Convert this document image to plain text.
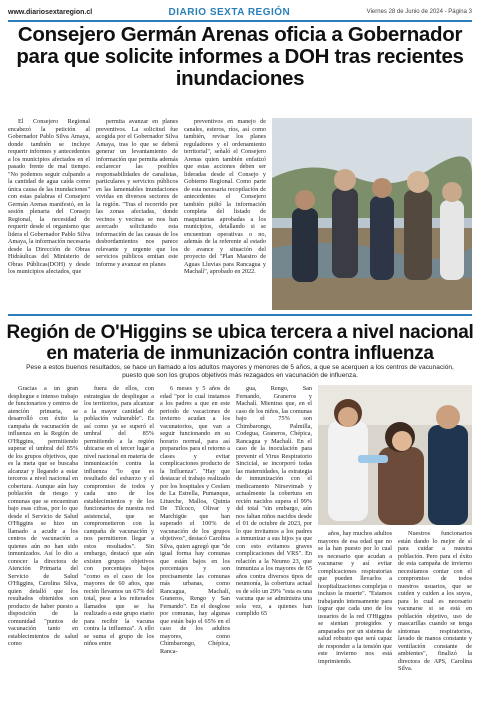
www.diariosextaregion.cl	DIARIO SEXTA REGIÓN	Viernes 28 de Junio de 2024 - Página 3
Consejero Germán Arenas oficia a Gobernador para que solicite informes a DOH tras recientes inundaciones

El Consejero Regional encabezó la petición al Gobernador Pablo Silva Amaya, donde también se incluye requerir informes y antecedentes a los municipios afectados en el pasado frente de mal tiempo. "No podemos seguir culpando a la cantidad de agua caída como única causa de las inundaciones" con estas palabras el Consejero Germán Arenas manifestó, en la sesión plenaria del Consejo Regional, la necesidad de requerir desde el organismo que lidera el Gobernador Pablo Silva Amaya, la información necesaria desde la Dirección de Obras Hidráulicas del Ministerio de Obras Públicas(DOH) y desde los municipios afectados, que

permita avanzar en planes preventivos. La solicitud fue acogida por el Gobernador Silva Amaya, tras lo que se deberá generar un levantamiento de información que permita además esclarecer las posibles responsabilidades de canalistas, particulares y servicios públicos en las lamentables inundaciones vividas en diversos sectores de la región. "Tras el recorrido por las zonas afectadas, donde vecinos y vecinas se nos han acercado solicitando esta información de las causas de los desbordamientos nos parece relevante y urgente que los servicios públicos emitan este informe y avanzar en planes

preventivos en manejo de canales, esteros, ríos, así como también, revisar los planes reguladores y el ordenamiento territorial", señaló el Consejero Arenas quien también enfatizó que estas acciones deben ser lideradas desde el Consejo y Gobierno Regional. Como parte de esta necesaria recopilación de antecedentes el Consejero también pidió la información completa del listado de maquinarias aprobadas a los municipios, detallando si se encuentran operativas o no, además de la referente al estado de avance y situación del proyecto del "Plan Maestro de Aguas Lluvias para Rancagua y Machalí", aprobado en 2022.

Región de O'Higgins se ubica tercera a nivel nacional en materia de inmunización contra influenza
Pese a estos buenos resultados, se hace un llamado a los adultos mayores y menores de 5 años, a que se acerquen a los centros de vacunación, puesto que son los grupos objetivos más rezagados en vacunación de influenza.

Gracias a un gran despliegue e intenso trabajo de funcionarios y centros de atención primaria, se desarrolló con éxito la campaña de vacunación de influenza en la Región de O'Higgins, permitiendo superar el umbral del 85% de los grupos objetivos, que es la meta que se buscaba alcanzar y llegando a estar terceros a nivel nacional en cobertura. Aunque aún hay población de riesgo y comunas que se encuentran bajo esas cifras, por lo que desde el Servicio de Salud O'Higgins se hizo un llamado a acudir a los centros de vacunación a quienes aún no han sido inmunizados. Así lo dio a conocer la directora de Atención Primaria del Servicio de Salud O'Higgins, Carolina Silva, quien detalló que los resultados obtenidos son producto de haber puesto a disposición de la comunidad "puntos de vacunación tanto en establecimientos de salud como

fuera de ellos, con estrategias de despliegue a los territorios, para alcanzar a la mayor cantidad de población vulnerable". Es así como ya se superó el umbral del 85% permitiendo a la región ubicarse en el tercer lugar a nivel nacional en materia de inmunización contra la influenza "lo que es resultado del esfuerzo y el compromiso de todos y cada uno de los establecimientos y de los funcionarios de nuestra red asistencial, que se comprometieron con la campaña de vacunación y nos permitieron llegar a estos resultados". Sin embargo, destacó que aún existen grupos objetivos con porcentajes bajos "como es el caso de los mayores de 60 años, que recién llevamos un 67% del total, pese a los reiterados llamados que se ha realizado a este grupo etario para recibir la vacuna contra la influenza". A ello se suma el grupo de los niños entre

6 meses y 5 años de edad "por lo cual instamos a los padres a que en este periodo de vacaciones de invierno acudan a los vacunatorios, que van a seguir funcionando en su horario normal, para así prepararlos para el retorno a clases y evitar complicaciones producto de la Influenza". "Hay que destacar el trabajo realizado por los hospitales y Cesfam de La Estrella, Pumanque, Litueche, Malloa, Quinta De Tilcoco, Olivar y Marchigüe que han superado el 100% de vacunación de los grupos objetivos", destacó Carolina Silva, quien agregó que "de igual forma hay comunas que están bajos en los porcentajes y son precisamente las comunas más urbanas, como Rancagua, Machalí, Graneros, Rengo y San Fernando". En el desglose por comunas, hay algunas que están bajo el 65% en el caso de los adultos mayores, como Chimbarongo, Chépica, Ranca-

gua, Rengo, San Fernando, Graneros y Machalí. Mientras que, en el caso de los niños, las comunas bajo el 75% son Chimbarongo, Palmilla, Codegua, Graneros, Chépica, Rancagua y Machalí. En el caso de la inoculación para prevenir el Virus Respiratorio Sincicial, se incorporó todas las maternidades, la estrategia de inmunización con el medicamento Nirsevimab y actualmente la cobertura en recién nacidos supera el 99% del total "sin embargo, aún nos faltan niños nacidos desde el 01 de octubre de 2023, por lo que invitamos a los padres a inmunizar a sus hijos ya que con esto evitamos graves complicaciones del VRS". En relación a la Neumo 23, que inmuniza a los mayores de 65 años contra diversos tipos de neumonía, la cobertura actual es de sólo un 29% "esta es una vacuna que se administra una sola vez, a quienes han cumplido 65

años, hay muchos adultos mayores de esa edad que no se la han puesto por lo cual es necesario que acudan a vacunarse y así evitar complicaciones respiratorias que pueden llevarlos a hospitalizaciones complejas o incluso la muerte". "Estamos trabajando intensamente para lograr que cada uno de los usuarios de la red O'Higgins se sientan protegidos y amparados por un sistema de salud robusto que será capaz de responder a la tensión que este invierno nos está imprimiendo.

Nuestros funcionarios están dando lo mejor de sí para cuidar a nuestra población. Pero para el éxito de esta campaña de invierno necesitamos contar con el compromiso de todos nuestros usuarios, que se cuiden y cuiden a los suyos, para lo cual es necesario vacunarse si se está en población objetivo, uso de mascarillas cuando se tenga síntomas respiratorios, lavado de manos constante y ventilación constante de ambientes", finalizó la directora de APS, Carolina Silva.
